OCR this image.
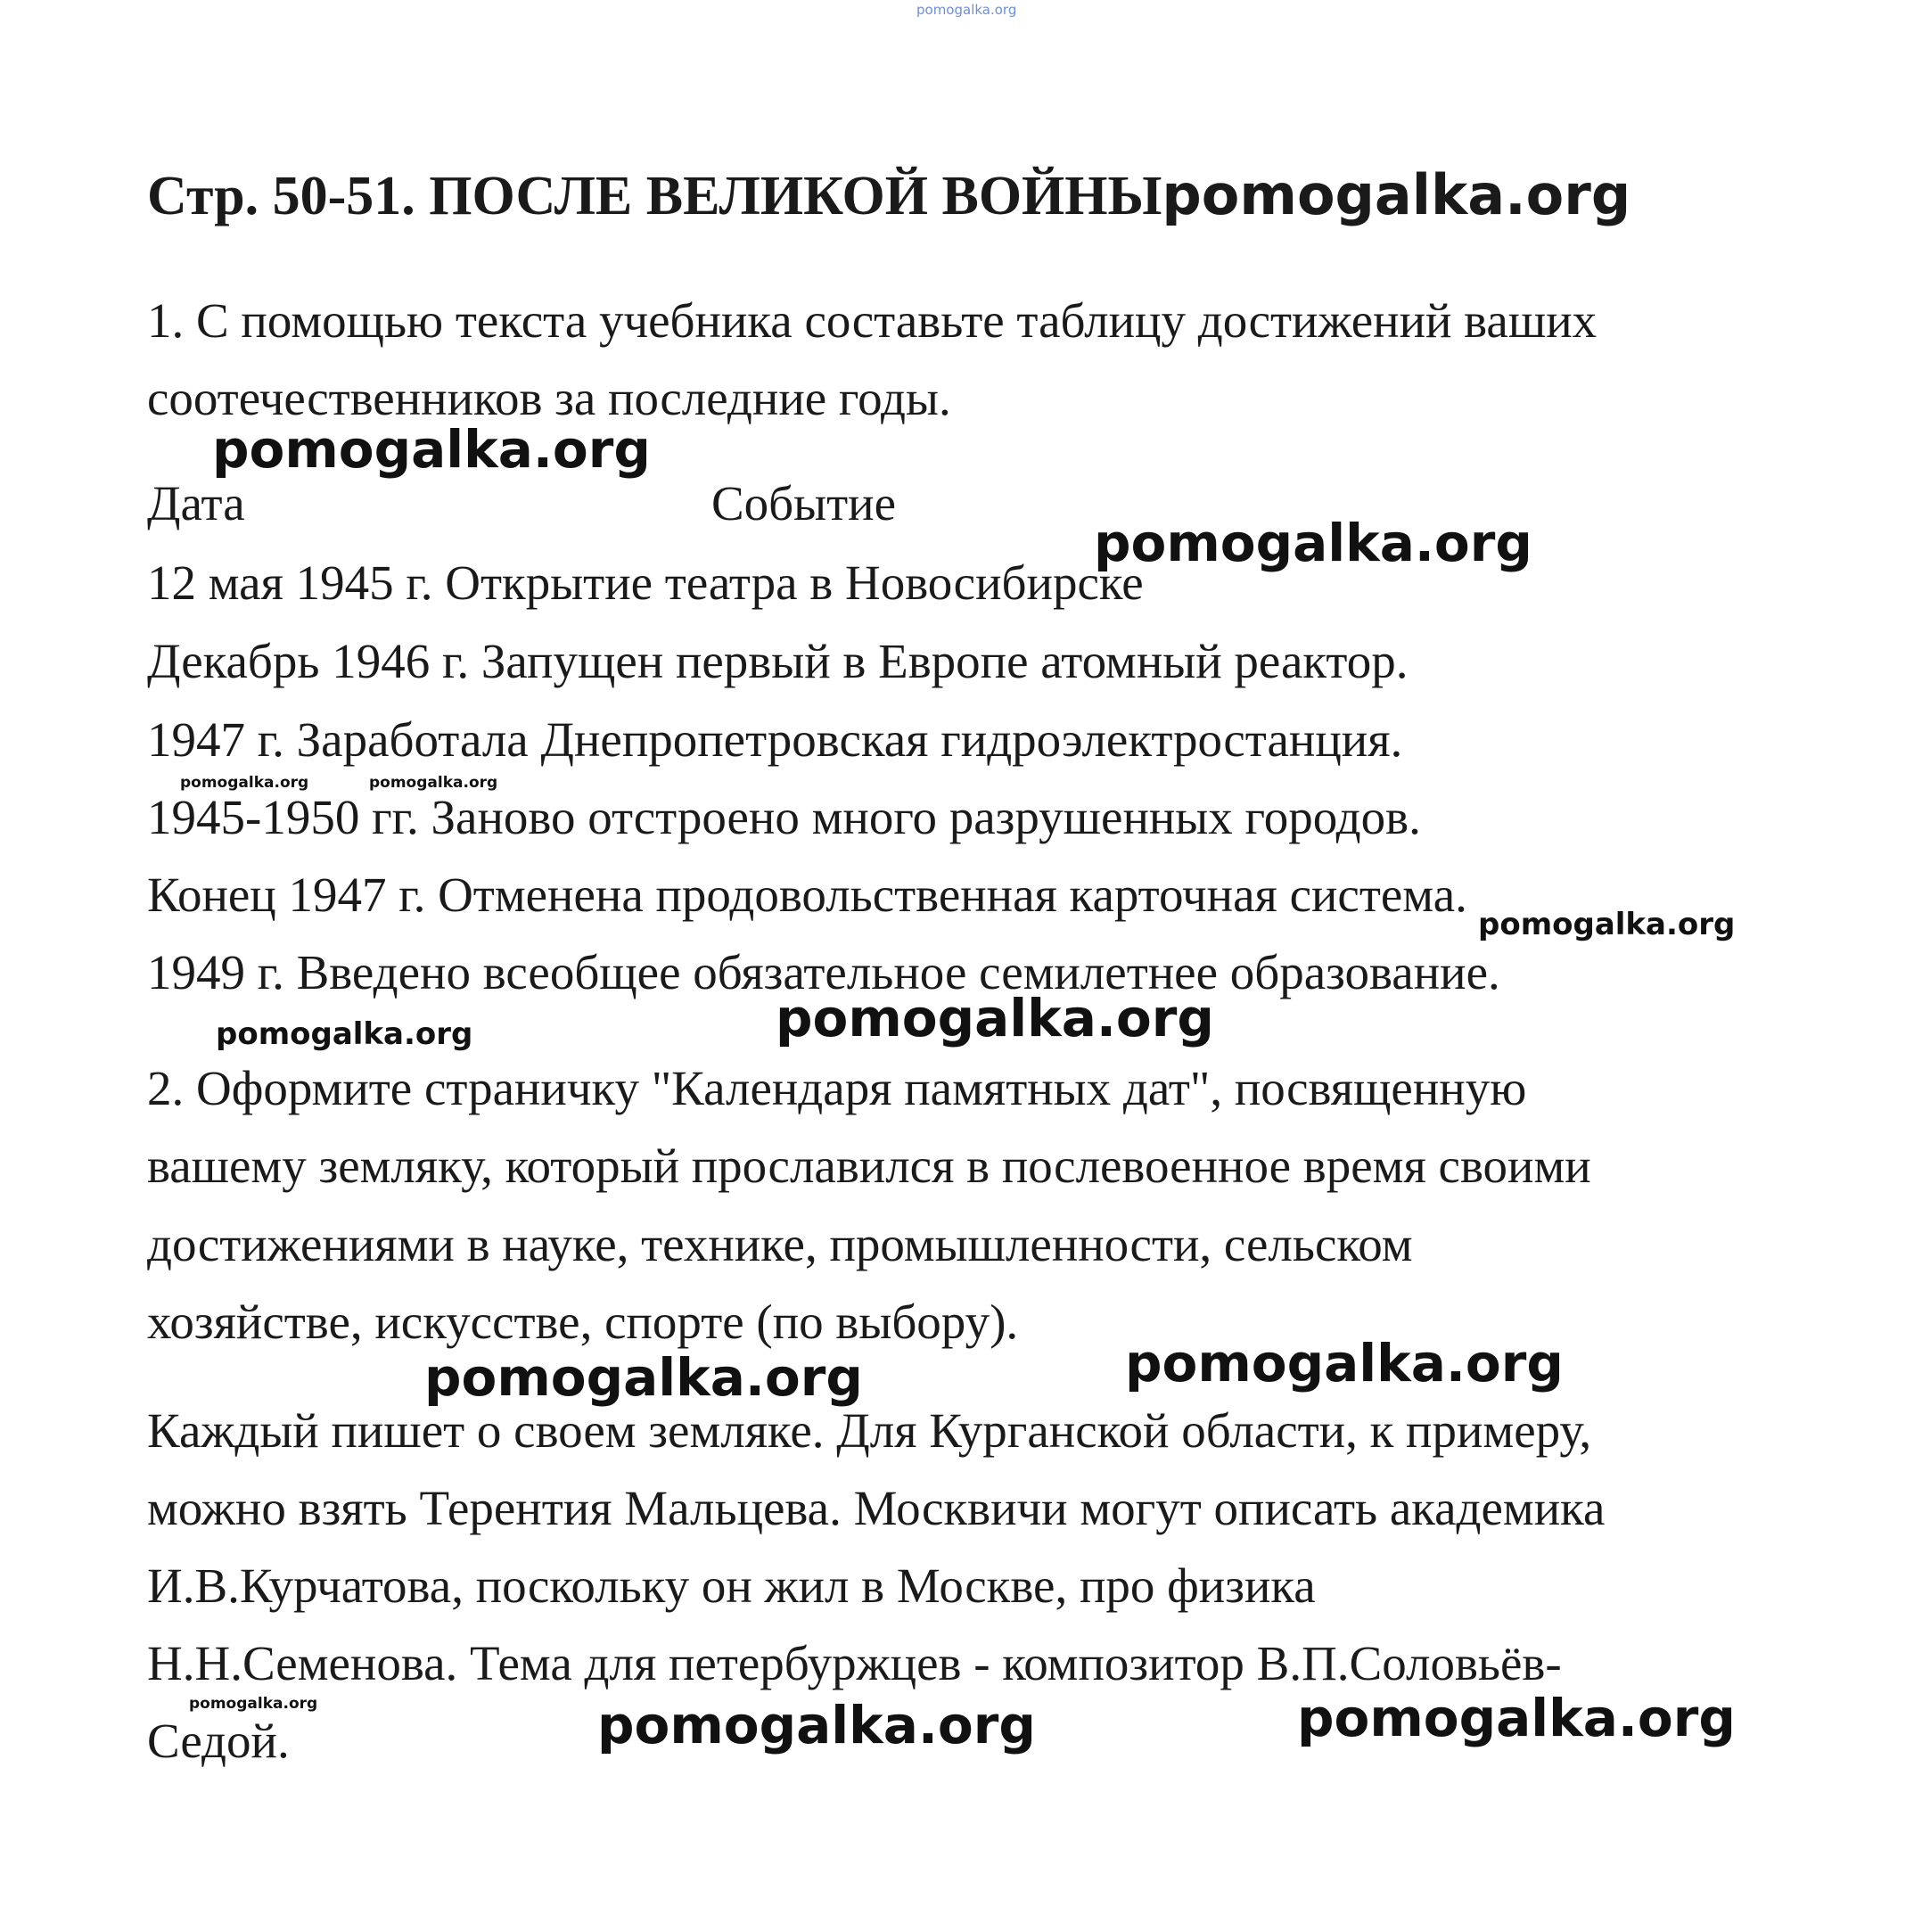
pomogalka.org
Стр. 50-51. ПОСЛЕ ВЕЛИКОЙ ВОЙНЫpomogalka.org

1. С помощью текста учебника составьте таблицу достижений ваших

соотечественников за последние годы.

pomogalka.org

Дата	Событие

pomogalka.org

12 мая 1945 г. Открытие театра в Новосибирске

Декабрь 1946 г. Запущен первый в Европе атомный реактор.

1947 г. Заработала Днепропетровская гидроэлектростанция.

pomogalka.org	pomogalka.org

1945-1950 гг. Заново отстроено много разрушенных городов.

Конец 1947 г. Отменена продовольственная карточная система.

pomogalka.org

1949 г. Введено всеобщее обязательное семилетнее образование.

pomogalka.org
pomogalka.org

2. Оформите страничку "Календаря памятных дат", посвященную

вашему земляку, который прославился в послевоенное время своими

достижениями в науке, технике, промышленности, сельском

хозяйстве, искусстве, спорте (по выбору).

pomogalka.org
pomogalka.org

Каждый пишет о своем земляке. Для Курганской области, к примеру,

можно взять Терентия Мальцева. Москвичи могут описать академика

И.В.Курчатова, поскольку он жил в Москве, про физика

Н.Н.Семенова. Тема для петербуржцев - композитор В.П.Соловьёв-

pomogalka.org	pomogalka.org
pomogalka.org

Седой.
